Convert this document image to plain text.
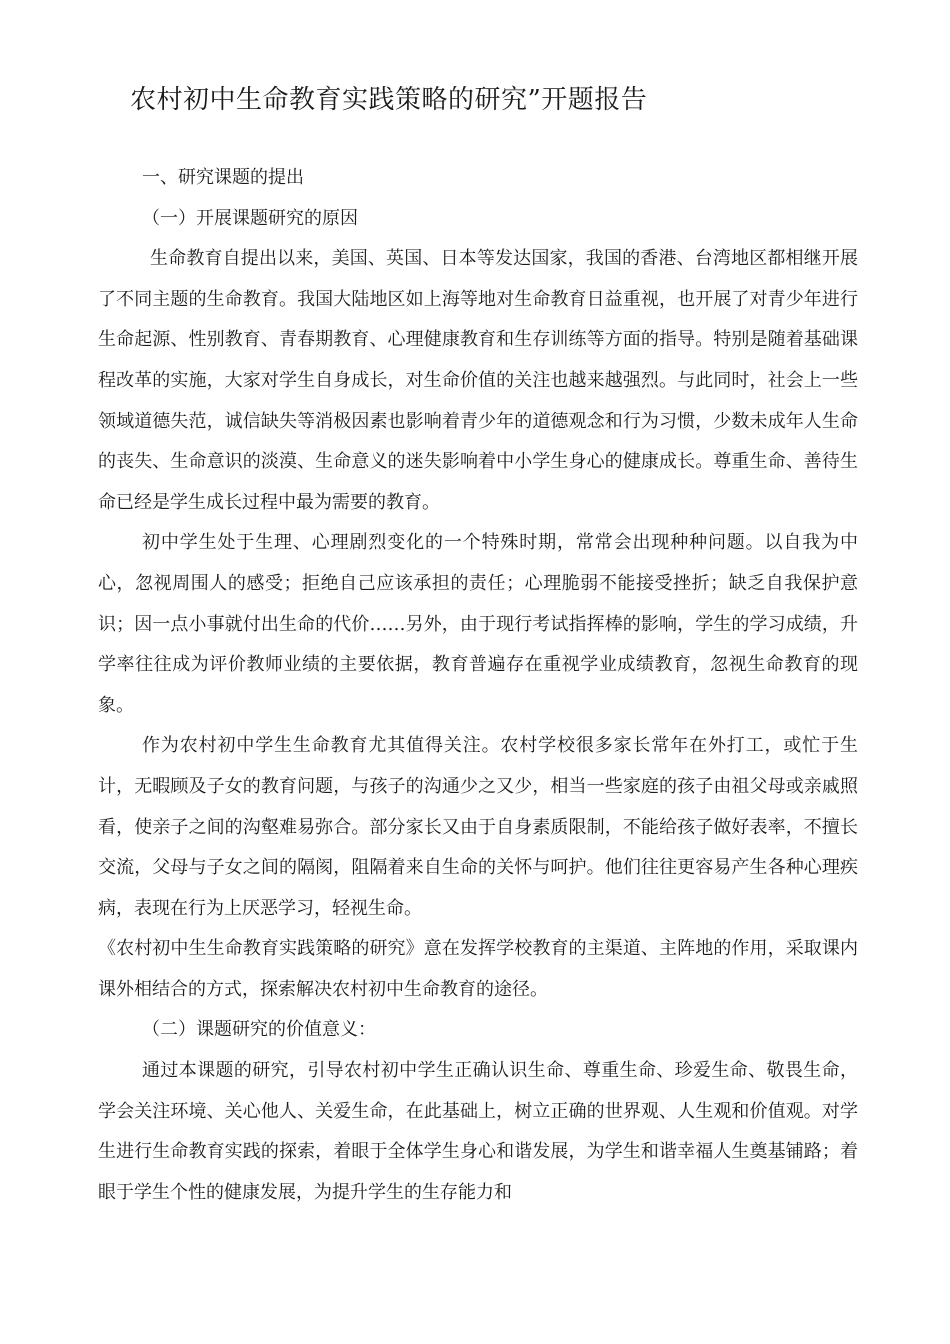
农村初中生命教育实践策略的研究”开题报告

一、研究课题的提出

（一）开展课题研究的原因

生命教育自提出以来，美国、英国、日本等发达国家，我国的香港、台湾地区都相继开展了不同主题的生命教育。我国大陆地区如上海等地对生命教育日益重视，也开展了对青少年进行生命起源、性别教育、青春期教育、心理健康教育和生存训练等方面的指导。特别是随着基础课程改革的实施，大家对学生自身成长，对生命价值的关注也越来越强烈。与此同时，社会上一些领域道德失范，诚信缺失等消极因素也影响着青少年的道德观念和行为习惯，少数未成年人生命的丧失、生命意识的淡漠、生命意义的迷失影响着中小学生身心的健康成长。尊重生命、善待生命已经是学生成长过程中最为需要的教育。

初中学生处于生理、心理剧烈变化的一个特殊时期，常常会出现种种问题。以自我为中心，忽视周围人的感受；拒绝自己应该承担的责任；心理脆弱不能接受挫折；缺乏自我保护意识；因一点小事就付出生命的代价……另外，由于现行考试指挥棒的影响，学生的学习成绩，升学率往往成为评价教师业绩的主要依据，教育普遍存在重视学业成绩教育，忽视生命教育的现象。

作为农村初中学生生命教育尤其值得关注。农村学校很多家长常年在外打工，或忙于生计，无暇顾及子女的教育问题，与孩子的沟通少之又少，相当一些家庭的孩子由祖父母或亲戚照看，使亲子之间的沟壑难易弥合。部分家长又由于自身素质限制，不能给孩子做好表率，不擅长交流，父母与子女之间的隔阂，阻隔着来自生命的关怀与呵护。他们往往更容易产生各种心理疾病，表现在行为上厌恶学习，轻视生命。

《农村初中生生命教育实践策略的研究》意在发挥学校教育的主渠道、主阵地的作用，采取课内课外相结合的方式，探索解决农村初中生命教育的途径。

（二）课题研究的价值意义：

通过本课题的研究，引导农村初中学生正确认识生命、尊重生命、珍爱生命、敬畏生命，学会关注环境、关心他人、关爱生命，在此基础上，树立正确的世界观、人生观和价值观。对学生进行生命教育实践的探索，着眼于全体学生身心和谐发展，为学生和谐幸福人生奠基铺路；着眼于学生个性的健康发展，为提升学生的生存能力和
